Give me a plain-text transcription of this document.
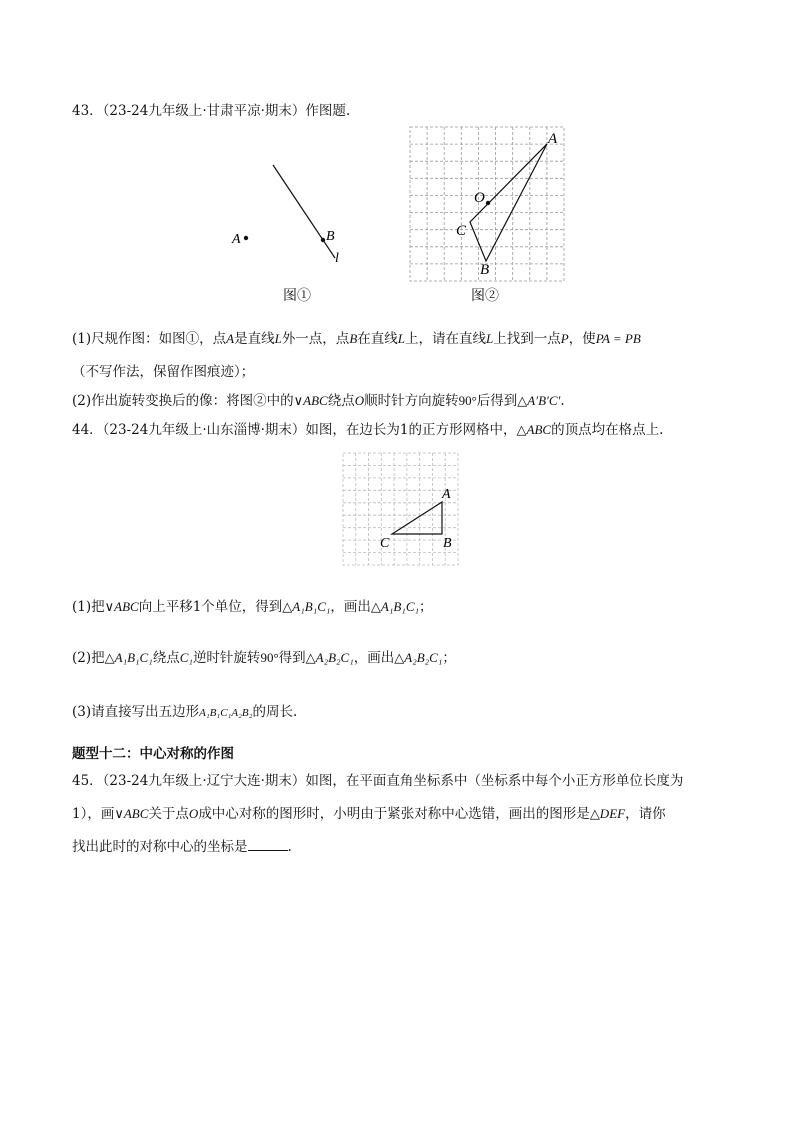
43．（23-24九年级上·甘肃平凉·期末）作图题.
A	B
l
图①
A
O
C
B
图②
(1)尺规作图：如图①，点A是直线L外一点，点B在直线L上，请在直线L上找到一点P，使PA = PB
（不写作法，保留作图痕迹）；
(2)作出旋转变换后的像：将图②中的∨ABC绕点O顺时针方向旋转90°后得到△A′B′C′.
44．（23-24九年级上·山东淄博·期末）如图，在边长为1的正方形网格中，△ABC的顶点均在格点上.
A
B
C
(1)把∨ABC向上平移1个单位，得到△A₁B₁C₁，画出△A₁B₁C₁；
(2)把△A₁B₁C₁绕点C₁逆时针旋转90°得到△A₂B₂C₁，画出△A₂B₂C₁；
(3)请直接写出五边形A₁B₁C₁A₂B₂的周长.
题型十二：中心对称的作图
45．（23-24九年级上·辽宁大连·期末）如图，在平面直角坐标系中（坐标系中每个小正方形单位长度为
1），画∨ABC关于点O成中心对称的图形时，小明由于紧张对称中心选错，画出的图形是△DEF，请你
找出此时的对称中心的坐标是	.
